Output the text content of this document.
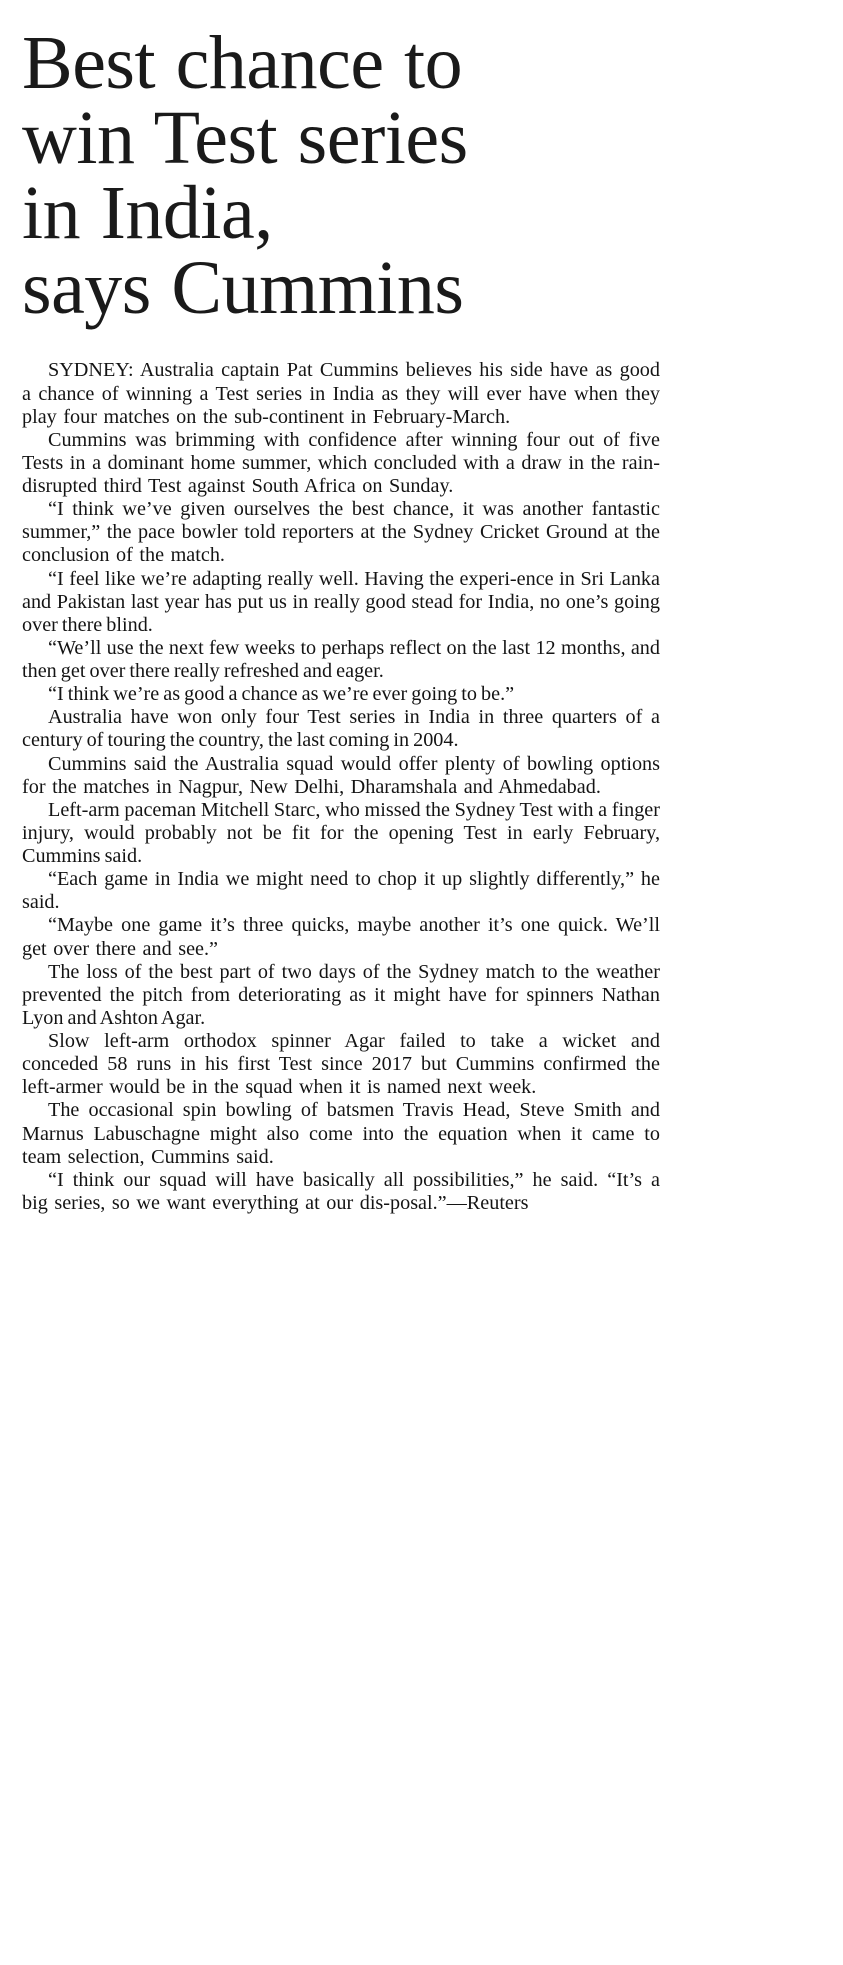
Best chance to
win Test series
in India,
says Cummins

SYDNEY: Australia captain Pat Cummins believes his side have as good a chance of winning a Test series in India as they will ever have when they play four matches on the sub-continent in February-March.

Cummins was brimming with confidence after winning four out of five Tests in a dominant home summer, which concluded with a draw in the rain-disrupted third Test against South Africa on Sunday.

“I think we’ve given ourselves the best chance, it was another fantastic summer,” the pace bowler told reporters at the Sydney Cricket Ground at the conclusion of the match.

“I feel like we’re adapting really well. Having the experi-ence in Sri Lanka and Pakistan last year has put us in really good stead for India, no one’s going over there blind.

“We’ll use the next few weeks to perhaps reflect on the last 12 months, and then get over there really refreshed and eager.

“I think we’re as good a chance as we’re ever going to be.”

Australia have won only four Test series in India in three quarters of a century of touring the country, the last coming in 2004.

Cummins said the Australia squad would offer plenty of bowling options for the matches in Nagpur, New Delhi, Dharamshala and Ahmedabad.

Left-arm paceman Mitchell Starc, who missed the Sydney Test with a finger injury, would probably not be fit for the opening Test in early February, Cummins said.

“Each game in India we might need to chop it up slightly differently,” he said.

“Maybe one game it’s three quicks, maybe another it’s one quick. We’ll get over there and see.”

The loss of the best part of two days of the Sydney match to the weather prevented the pitch from deteriorating as it might have for spinners Nathan Lyon and Ashton Agar.

Slow left-arm orthodox spinner Agar failed to take a wicket and conceded 58 runs in his first Test since 2017 but Cummins confirmed the left-armer would be in the squad when it is named next week.

The occasional spin bowling of batsmen Travis Head, Steve Smith and Marnus Labuschagne might also come into the equation when it came to team selection, Cummins said.

“I think our squad will have basically all possibilities,” he said. “It’s a big series, so we want everything at our dis-posal.”—Reuters
